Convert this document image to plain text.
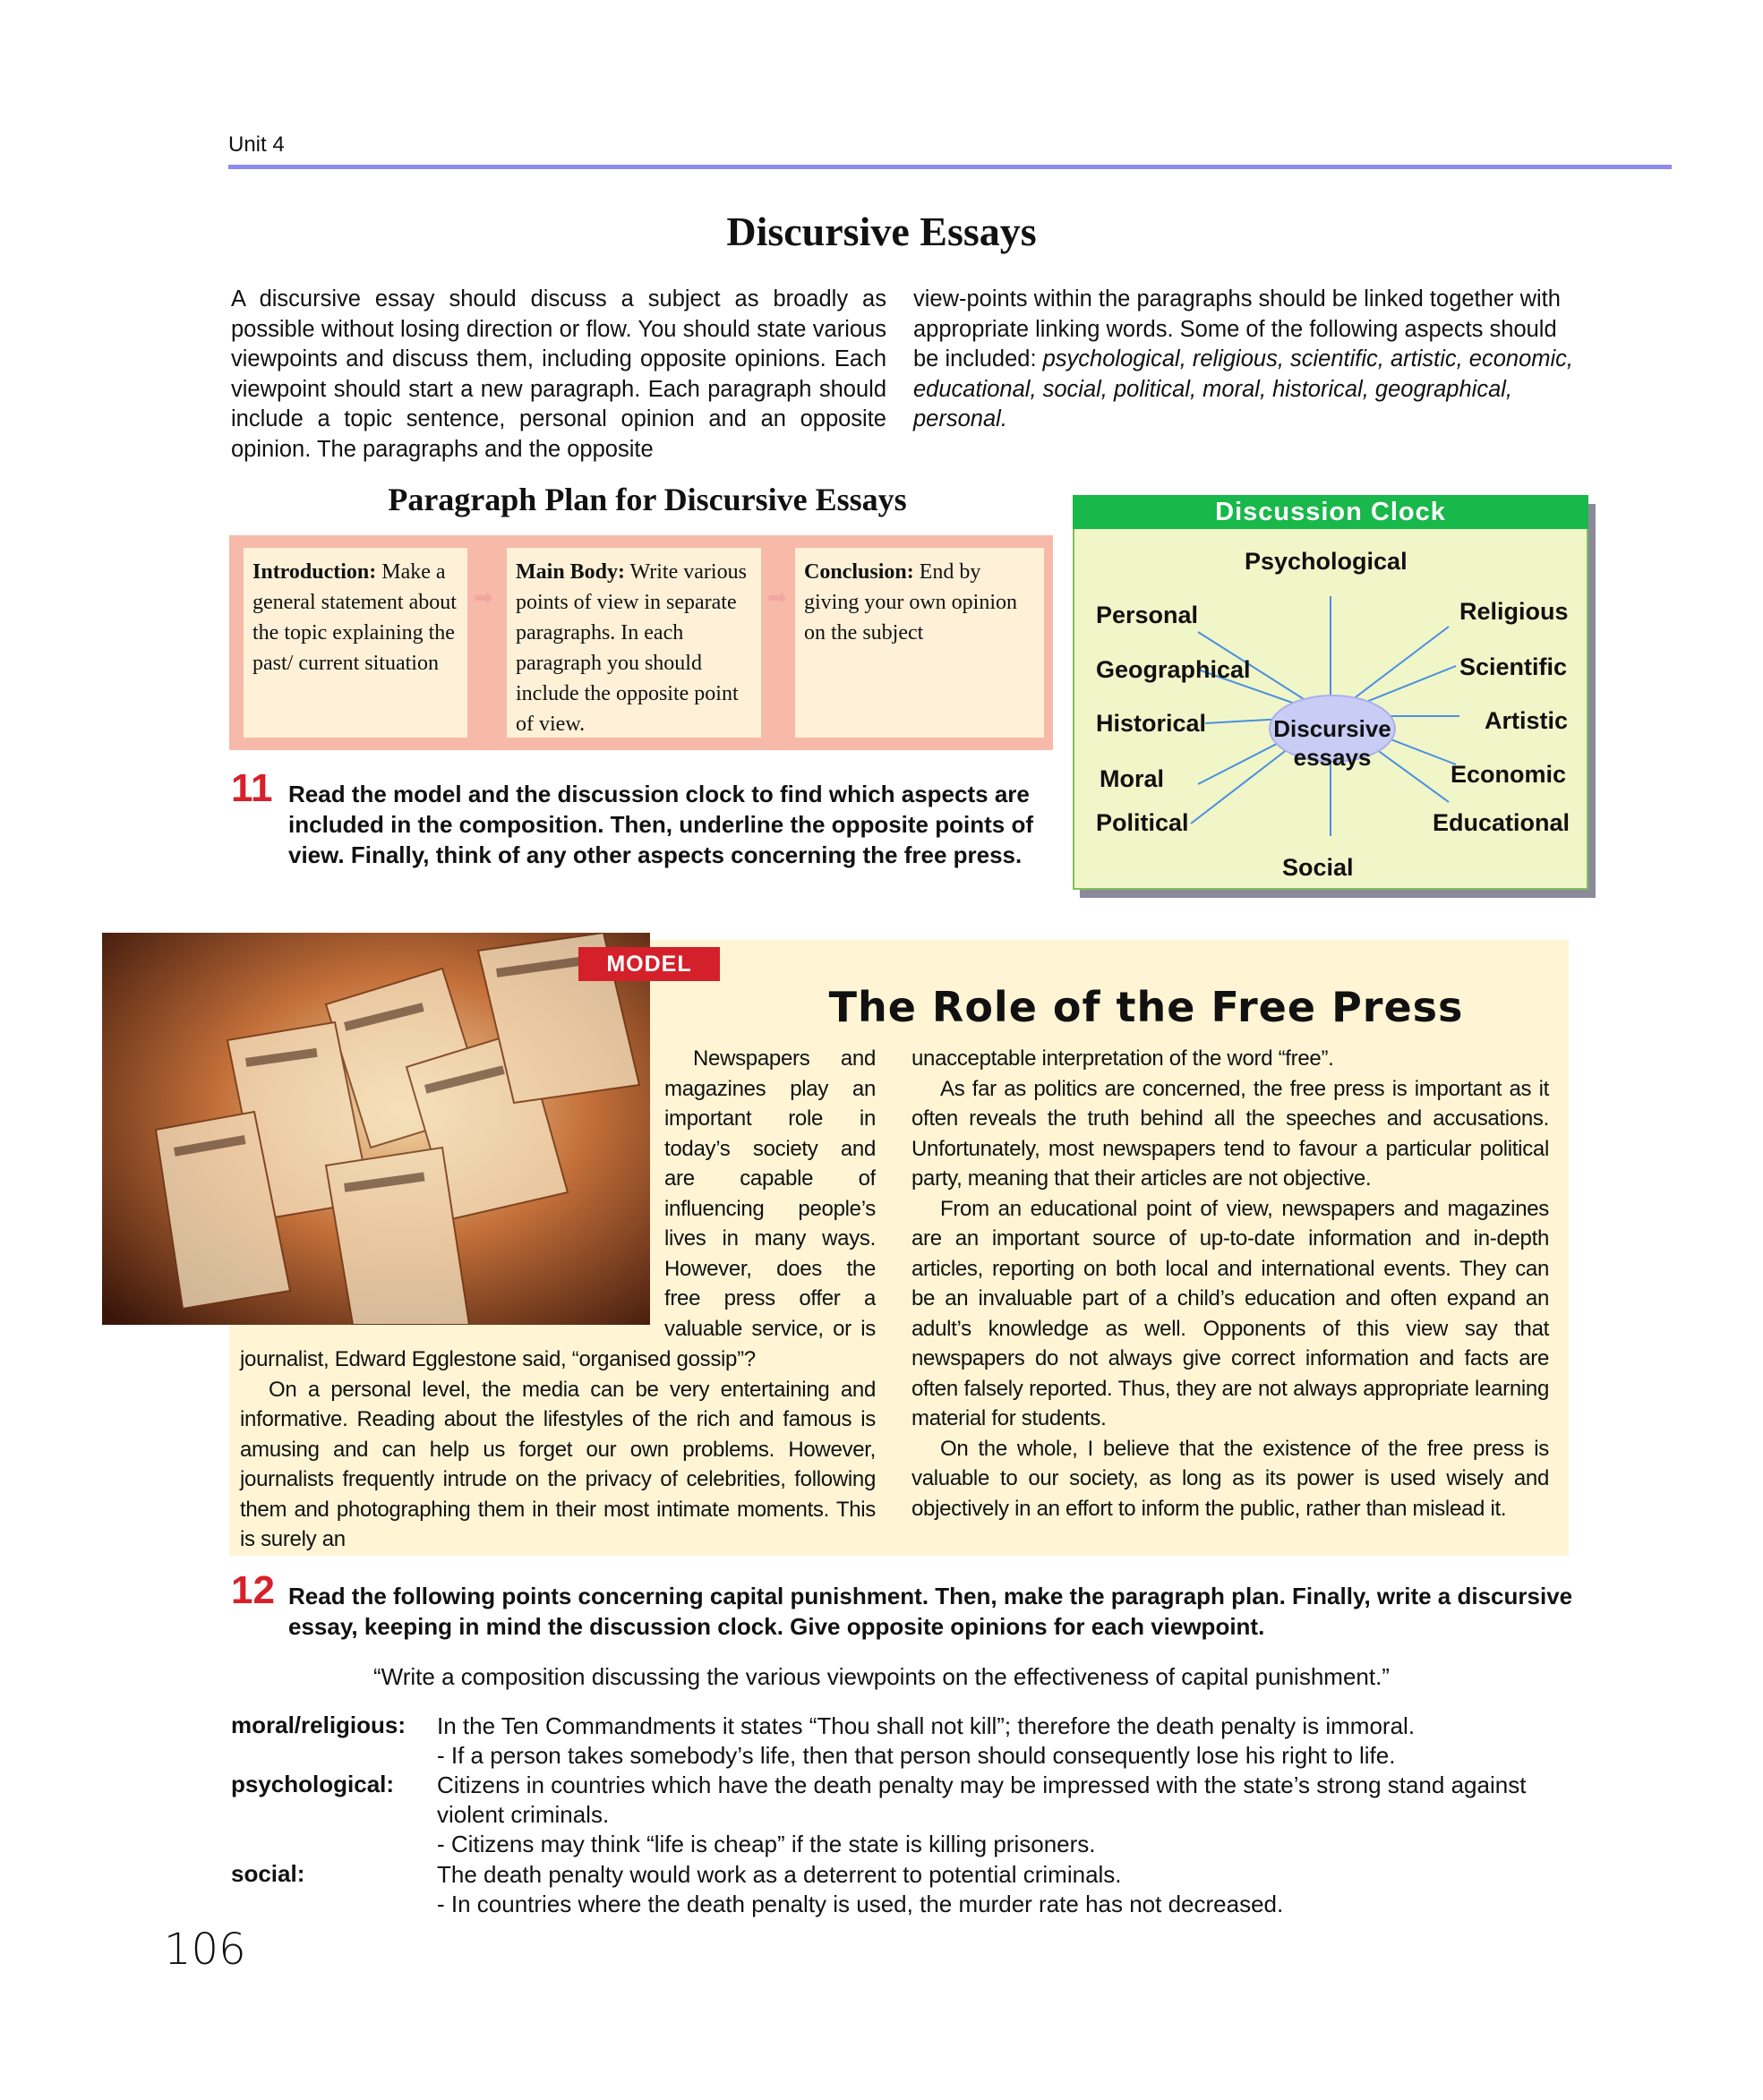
Unit 4
Discursive Essays
A discursive essay should discuss a subject as broadly as possible without losing direction or flow. You should state various viewpoints and discuss them, including opposite opinions. Each viewpoint should start a new paragraph. Each paragraph should include a topic sentence, personal opinion and an opposite opinion. The paragraphs and the opposite
view-points within the paragraphs should be linked together with appropriate linking words. Some of the following aspects should be included: psychological, religious, scientific, artistic, economic, educational, social, political, moral, historical, geographical, personal.
Paragraph Plan for Discursive Essays
Introduction: Make a general statement about the topic explaining the past/ current situation
➡
Main Body: Write various points of view in separate paragraphs. In each paragraph you should include the opposite point of view.
➡
Conclusion: End by giving your own opinion on the subject
11 Read the model and the discussion clock to find which aspects are included in the composition. Then, underline the opposite points of view. Finally, think of any other aspects concerning the free press.
Discussion Clock
Discursive essays
Psychological
Religious
Scientific
Artistic
Economic
Educational
Social
Political
Moral
Historical
Geographical
Personal
MODEL
The Role of the Free Press

Newspapers and magazines play an important role in today’s society and are capable of influencing people’s lives in many ways. However, does the free press offer a valuable service, or is

journalist, Edward Egglestone said, “organised gossip”?

On a personal level, the media can be very entertaining and informative. Reading about the lifestyles of the rich and famous is amusing and can help us forget our own problems. However, journalists frequently intrude on the privacy of celebrities, following them and photographing them in their most intimate moments. This is surely an

unacceptable interpretation of the word “free”.

As far as politics are concerned, the free press is important as it often reveals the truth behind all the speeches and accusations. Unfortunately, most newspapers tend to favour a particular political party, meaning that their articles are not objective.

From an educational point of view, newspapers and magazines are an important source of up-to-date information and in-depth articles, reporting on both local and international events. They can be an invaluable part of a child’s education and often expand an adult’s knowledge as well. Opponents of this view say that newspapers do not always give correct information and facts are often falsely reported. Thus, they are not always appropriate learning material for students.

On the whole, I believe that the existence of the free press is valuable to our society, as long as its power is used wisely and objectively in an effort to inform the public, rather than mislead it.

12 Read the following points concerning capital punishment. Then, make the paragraph plan. Finally, write a discursive essay, keeping in mind the discussion clock. Give opposite opinions for each viewpoint.
“Write a composition discussing the various viewpoints on the effectiveness of capital punishment.”
moral/religious: In the Ten Commandments it states “Thou shall not kill”; therefore the death penalty is immoral.
- If a person takes somebody’s life, then that person should consequently lose his right to life.
psychological: Citizens in countries which have the death penalty may be impressed with the state’s strong stand against violent criminals.
- Citizens may think “life is cheap” if the state is killing prisoners.
social:	The death penalty would work as a deterrent to potential criminals.
- In countries where the death penalty is used, the murder rate has not decreased.
106
